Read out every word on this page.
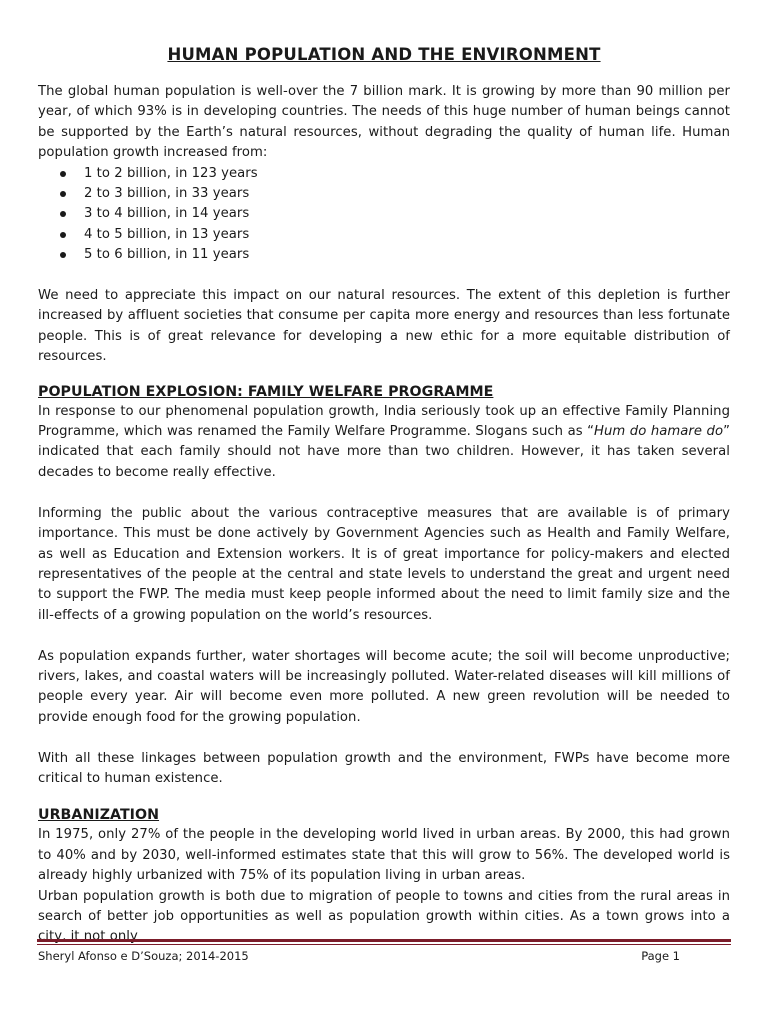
HUMAN POPULATION AND THE ENVIRONMENT

The global human population is well-over the 7 billion mark. It is growing by more than 90 million per year, of which 93% is in developing countries. The needs of this huge number of human beings cannot be supported by the Earth’s natural resources, without degrading the quality of human life. Human population growth increased from:

1 to 2 billion, in 123 years
2 to 3 billion, in 33 years
3 to 4 billion, in 14 years
4 to 5 billion, in 13 years
5 to 6 billion, in 11 years

We need to appreciate this impact on our natural resources. The extent of this depletion is further increased by affluent societies that consume per capita more energy and resources than less fortunate people. This is of great relevance for developing a new ethic for a more equitable distribution of resources.

POPULATION EXPLOSION: FAMILY WELFARE PROGRAMME

In response to our phenomenal population growth, India seriously took up an effective Family Planning Programme, which was renamed the Family Welfare Programme. Slogans such as “Hum do hamare do” indicated that each family should not have more than two children. However, it has taken several decades to become really effective.

Informing the public about the various contraceptive measures that are available is of primary importance. This must be done actively by Government Agencies such as Health and Family Welfare, as well as Education and Extension workers. It is of great importance for policy-makers and elected representatives of the people at the central and state levels to understand the great and urgent need to support the FWP. The media must keep people informed about the need to limit family size and the ill-effects of a growing population on the world’s resources.

As population expands further, water shortages will become acute; the soil will become unproductive; rivers, lakes, and coastal waters will be increasingly polluted. Water-related diseases will kill millions of people every year. Air will become even more polluted. A new green revolution will be needed to provide enough food for the growing population.

With all these linkages between population growth and the environment, FWPs have become more critical to human existence.

URBANIZATION

In 1975, only 27% of the people in the developing world lived in urban areas. By 2000, this had grown to 40% and by 2030, well-informed estimates state that this will grow to 56%. The developed world is already highly urbanized with 75% of its population living in urban areas.

Urban population growth is both due to migration of people to towns and cities from the rural areas in search of better job opportunities as well as population growth within cities. As a town grows into a city, it not only

Sheryl Afonso e D’Souza; 2014-2015	Page 1
